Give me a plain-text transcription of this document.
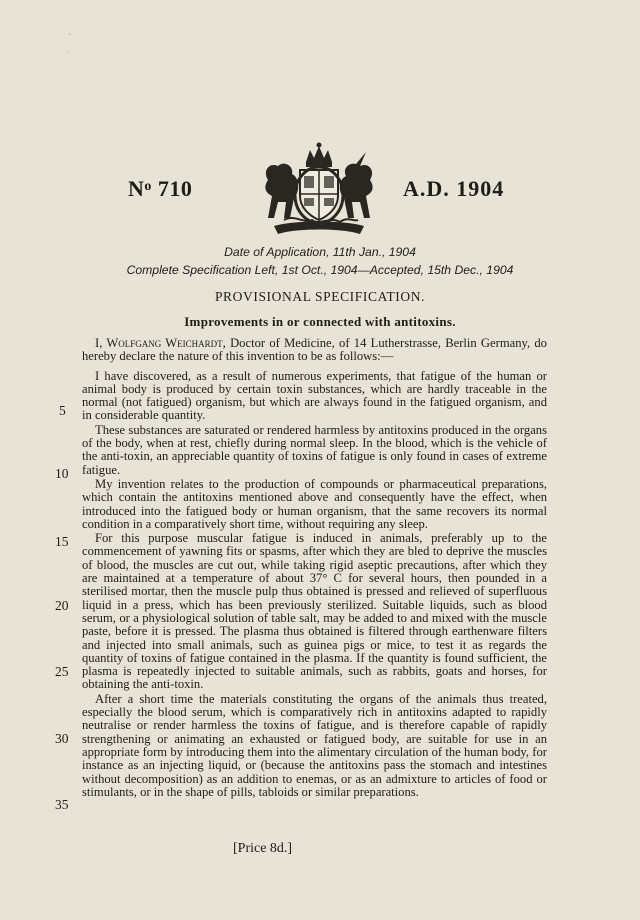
·
·
$N^o$ 710	A.D. 1904
Date of Application, 11th Jan., 1904
Complete Specification Left, 1st Oct., 1904—Accepted, 15th Dec., 1904
PROVISIONAL SPECIFICATION.
Improvements in or connected with antitoxins.

I, Wolfgang Weichardt, Doctor of Medicine, of 14 Lutherstrasse, Berlin Germany, do hereby declare the nature of this invention to be as follows:—

I have discovered, as a result of numerous experiments, that fatigue of the human or animal body is produced by certain toxin substances, which are hardly traceable in the normal (not fatigued) organism, but which are always found in the fatigued organism, and in considerable quantity.

These substances are saturated or rendered harmless by antitoxins produced in the organs of the body, when at rest, chiefly during normal sleep. In the blood, which is the vehicle of the anti-toxin, an appreciable quantity of toxins of fatigue is only found in cases of extreme fatigue.

My invention relates to the production of compounds or pharmaceutical preparations, which contain the antitoxins mentioned above and consequently have the effect, when introduced into the fatigued body or human organism, that the same recovers its normal condition in a comparatively short time, without requiring any sleep.

For this purpose muscular fatigue is induced in animals, preferably up to the commencement of yawning fits or spasms, after which they are bled to deprive the muscles of blood, the muscles are cut out, while taking rigid aseptic precautions, after which they are maintained at a temperature of about 37° C for several hours, then pounded in a sterilised mortar, then the muscle pulp thus obtained is pressed and relieved of superfluous liquid in a press, which has been previously sterilized. Suitable liquids, such as blood serum, or a physiological solution of table salt, may be added to and mixed with the muscle paste, before it is pressed. The plasma thus obtained is filtered through earthenware filters and injected into small animals, such as guinea pigs or mice, to test it as regards the quantity of toxins of fatigue contained in the plasma. If the quantity is found sufficient, the plasma is repeatedly injected to suitable animals, such as rabbits, goats and horses, for obtaining the anti-toxin.

After a short time the materials constituting the organs of the animals thus treated, especially the blood serum, which is comparatively rich in antitoxins adapted to rapidly neutralise or render harmless the toxins of fatigue, and is therefore capable of rapidly strengthening or animating an exhausted or fatigued body, are suitable for use in an appropriate form by introducing them into the alimentary circulation of the human body, for instance as an injecting liquid, or (because the antitoxins pass the stomach and intestines without decomposition) as an addition to enemas, or as an admixture to articles of food or stimulants, or in the shape of pills, tabloids or similar preparations.

5
10
15
20
25
30
35
[Price 8d.]
